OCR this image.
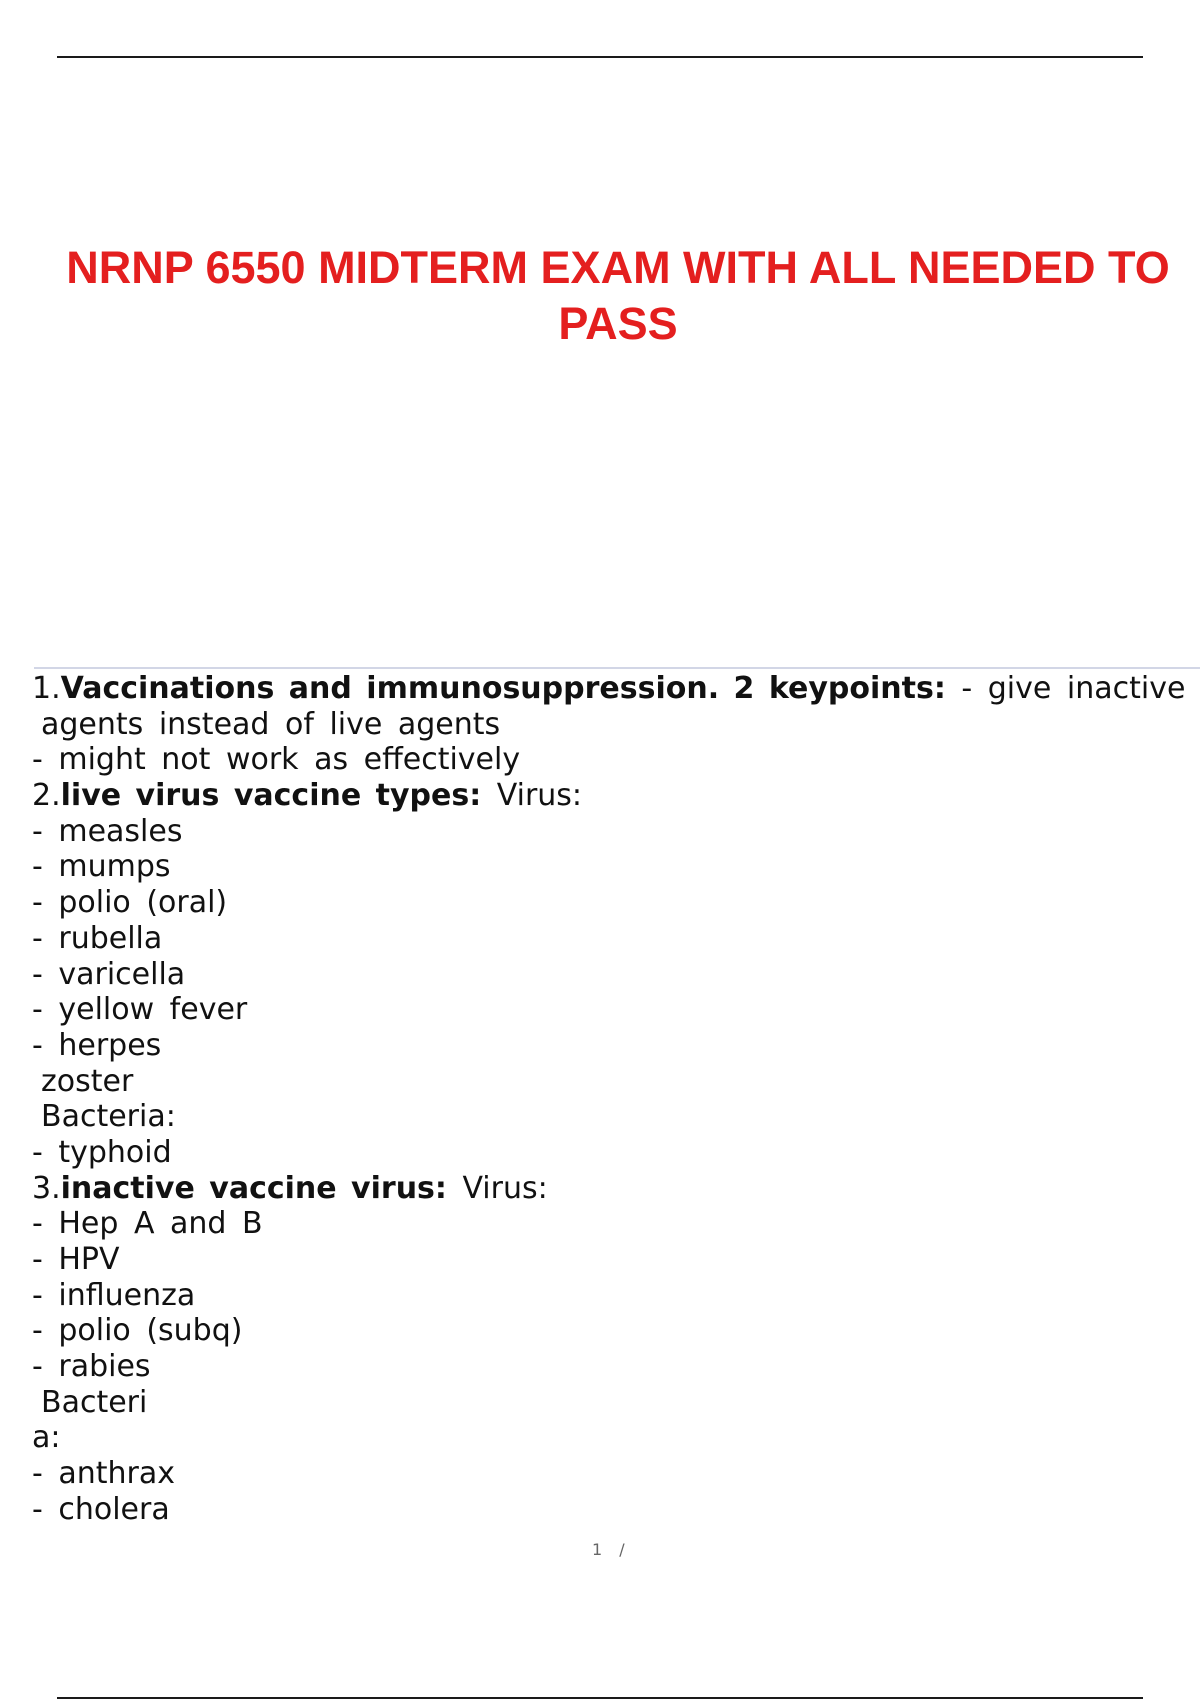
NRNP 6550 MIDTERM EXAM WITH ALL NEEDED TO
PASS
1.Vaccinations and immunosuppression. 2 keypoints: - give inactive
agents instead of live agents
- might not work as effectively
2.live virus vaccine types: Virus:
- measles
- mumps
- polio (oral)
- rubella
- varicella
- yellow fever
- herpes
zoster
Bacteria:
- typhoid
3.inactive vaccine virus: Virus:
- Hep A and B
- HPV
- influenza
- polio (subq)
- rabies
Bacteri
a:
- anthrax
- cholera
1 /
